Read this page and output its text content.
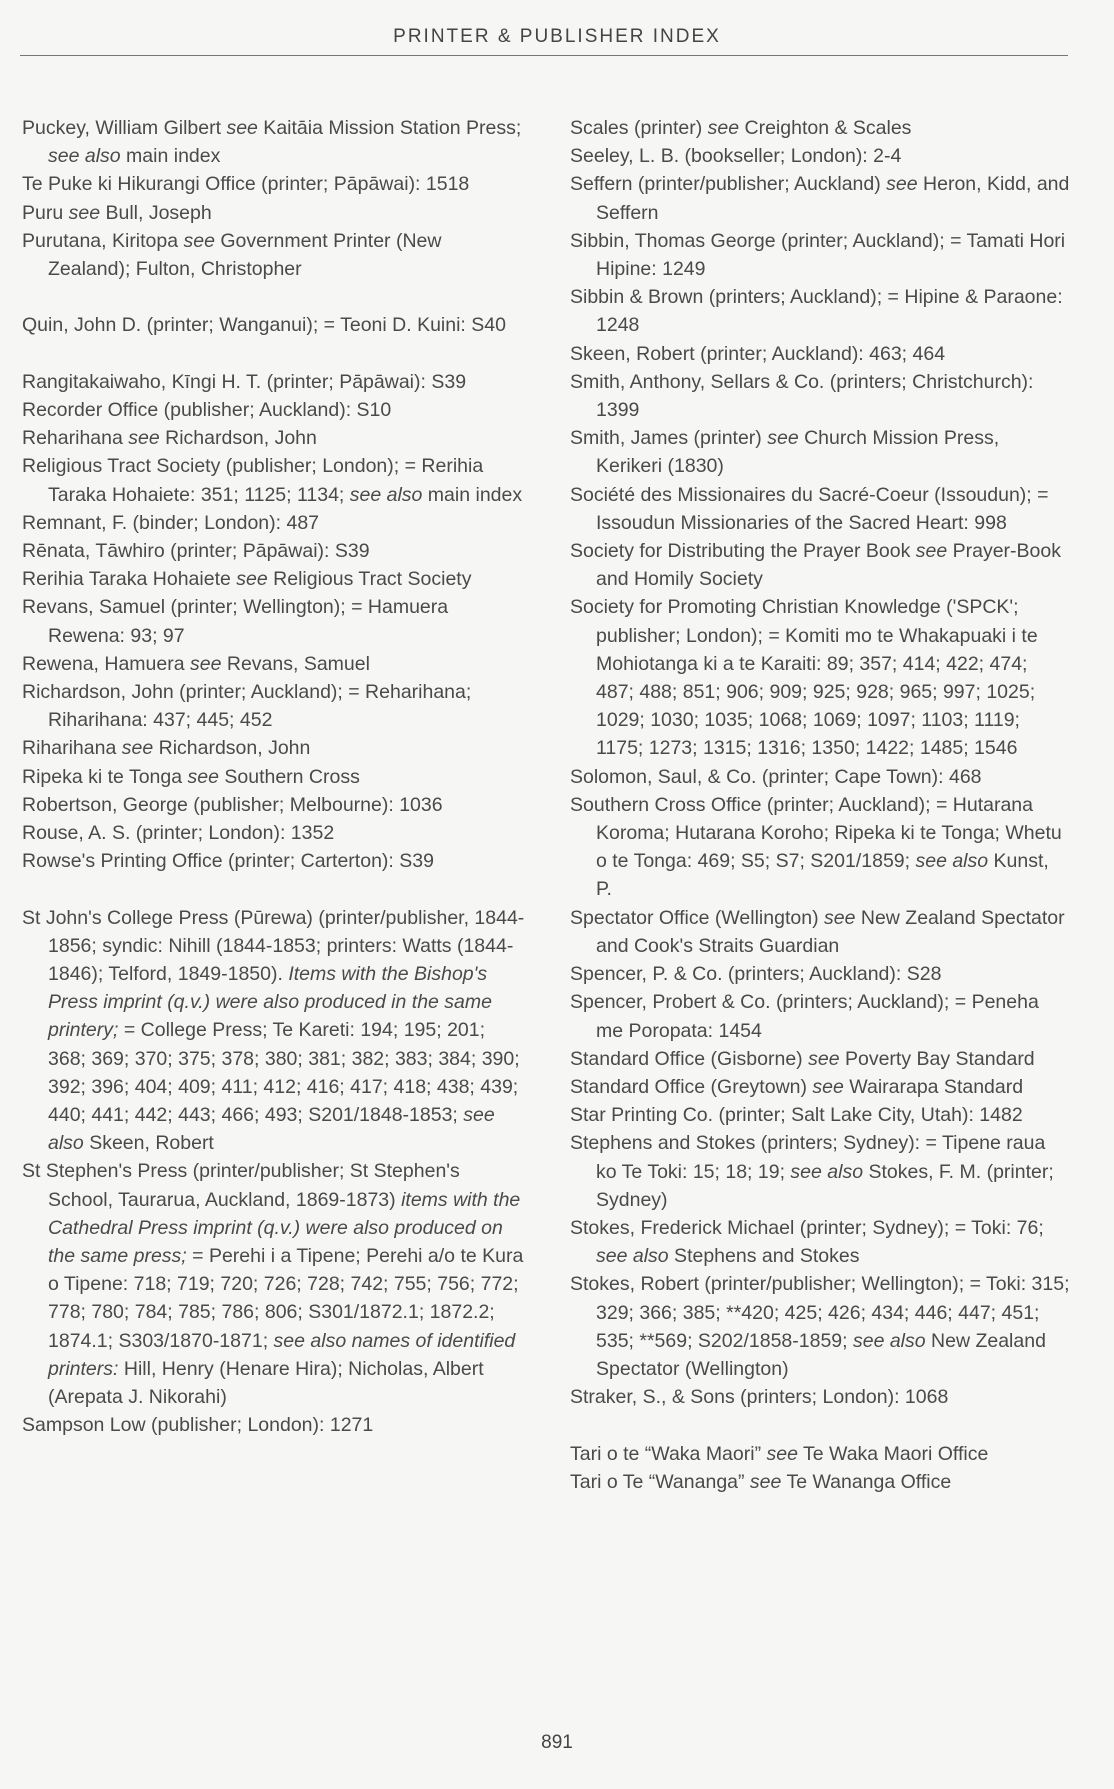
PRINTER & PUBLISHER INDEX

Puckey, William Gilbert see Kaitāia Mission Station Press; see also main index

Te Puke ki Hikurangi Office (printer; Pāpāwai): 1518

Puru see Bull, Joseph

Purutana, Kiritopa see Government Printer (New Zealand); Fulton, Christopher

Quin, John D. (printer; Wanganui); = Teoni D. Kuini: S40

Rangitakaiwaho, Kīngi H. T. (printer; Pāpāwai): S39

Recorder Office (publisher; Auckland): S10

Reharihana see Richardson, John

Religious Tract Society (publisher; London); = Rerihia Taraka Hohaiete: 351; 1125; 1134; see also main index

Remnant, F. (binder; London): 487

Rēnata, Tāwhiro (printer; Pāpāwai): S39

Rerihia Taraka Hohaiete see Religious Tract Society

Revans, Samuel (printer; Wellington); = Hamuera Rewena: 93; 97

Rewena, Hamuera see Revans, Samuel

Richardson, John (printer; Auckland); = Reharihana; Riharihana: 437; 445; 452

Riharihana see Richardson, John

Ripeka ki te Tonga see Southern Cross

Robertson, George (publisher; Melbourne): 1036

Rouse, A. S. (printer; London): 1352

Rowse's Printing Office (printer; Carterton): S39

St John's College Press (Pūrewa) (printer/publisher, 1844-1856; syndic: Nihill (1844-1853; printers: Watts (1844-1846); Telford, 1849-1850). Items with the Bishop's Press imprint (q.v.) were also produced in the same printery; = College Press; Te Kareti: 194; 195; 201; 368; 369; 370; 375; 378; 380; 381; 382; 383; 384; 390; 392; 396; 404; 409; 411; 412; 416; 417; 418; 438; 439; 440; 441; 442; 443; 466; 493; S201/1848-1853; see also Skeen, Robert

St Stephen's Press (printer/publisher; St Stephen's School, Taurarua, Auckland, 1869-1873) items with the Cathedral Press imprint (q.v.) were also produced on the same press; = Perehi i a Tipene; Perehi a/o te Kura o Tipene: 718; 719; 720; 726; 728; 742; 755; 756; 772; 778; 780; 784; 785; 786; 806; S301/1872.1; 1872.2; 1874.1; S303/1870-1871; see also names of identified printers: Hill, Henry (Henare Hira); Nicholas, Albert (Arepata J. Nikorahi)

Sampson Low (publisher; London): 1271

Scales (printer) see Creighton & Scales

Seeley, L. B. (bookseller; London): 2-4

Seffern (printer/publisher; Auckland) see Heron, Kidd, and Seffern

Sibbin, Thomas George (printer; Auckland); = Tamati Hori Hipine: 1249

Sibbin & Brown (printers; Auckland); = Hipine & Paraone: 1248

Skeen, Robert (printer; Auckland): 463; 464

Smith, Anthony, Sellars & Co. (printers; Christchurch): 1399

Smith, James (printer) see Church Mission Press, Kerikeri (1830)

Société des Missionaires du Sacré-Coeur (Issoudun); = Issoudun Missionaries of the Sacred Heart: 998

Society for Distributing the Prayer Book see Prayer-Book and Homily Society

Society for Promoting Christian Knowledge ('SPCK'; publisher; London); = Komiti mo te Whakapuaki i te Mohiotanga ki a te Karaiti: 89; 357; 414; 422; 474; 487; 488; 851; 906; 909; 925; 928; 965; 997; 1025; 1029; 1030; 1035; 1068; 1069; 1097; 1103; 1119; 1175; 1273; 1315; 1316; 1350; 1422; 1485; 1546

Solomon, Saul, & Co. (printer; Cape Town): 468

Southern Cross Office (printer; Auckland); = Hutarana Koroma; Hutarana Koroho; Ripeka ki te Tonga; Whetu o te Tonga: 469; S5; S7; S201/1859; see also Kunst, P.

Spectator Office (Wellington) see New Zealand Spectator and Cook's Straits Guardian

Spencer, P. & Co. (printers; Auckland): S28

Spencer, Probert & Co. (printers; Auckland); = Peneha me Poropata: 1454

Standard Office (Gisborne) see Poverty Bay Standard

Standard Office (Greytown) see Wairarapa Standard

Star Printing Co. (printer; Salt Lake City, Utah): 1482

Stephens and Stokes (printers; Sydney): = Tipene raua ko Te Toki: 15; 18; 19; see also Stokes, F. M. (printer; Sydney)

Stokes, Frederick Michael (printer; Sydney); = Toki: 76; see also Stephens and Stokes

Stokes, Robert (printer/publisher; Wellington); = Toki: 315; 329; 366; 385; **420; 425; 426; 434; 446; 447; 451; 535; **569; S202/1858-1859; see also New Zealand Spectator (Wellington)

Straker, S., & Sons (printers; London): 1068

Tari o te “Waka Maori” see Te Waka Maori Office

Tari o Te “Wananga” see Te Wananga Office

891
